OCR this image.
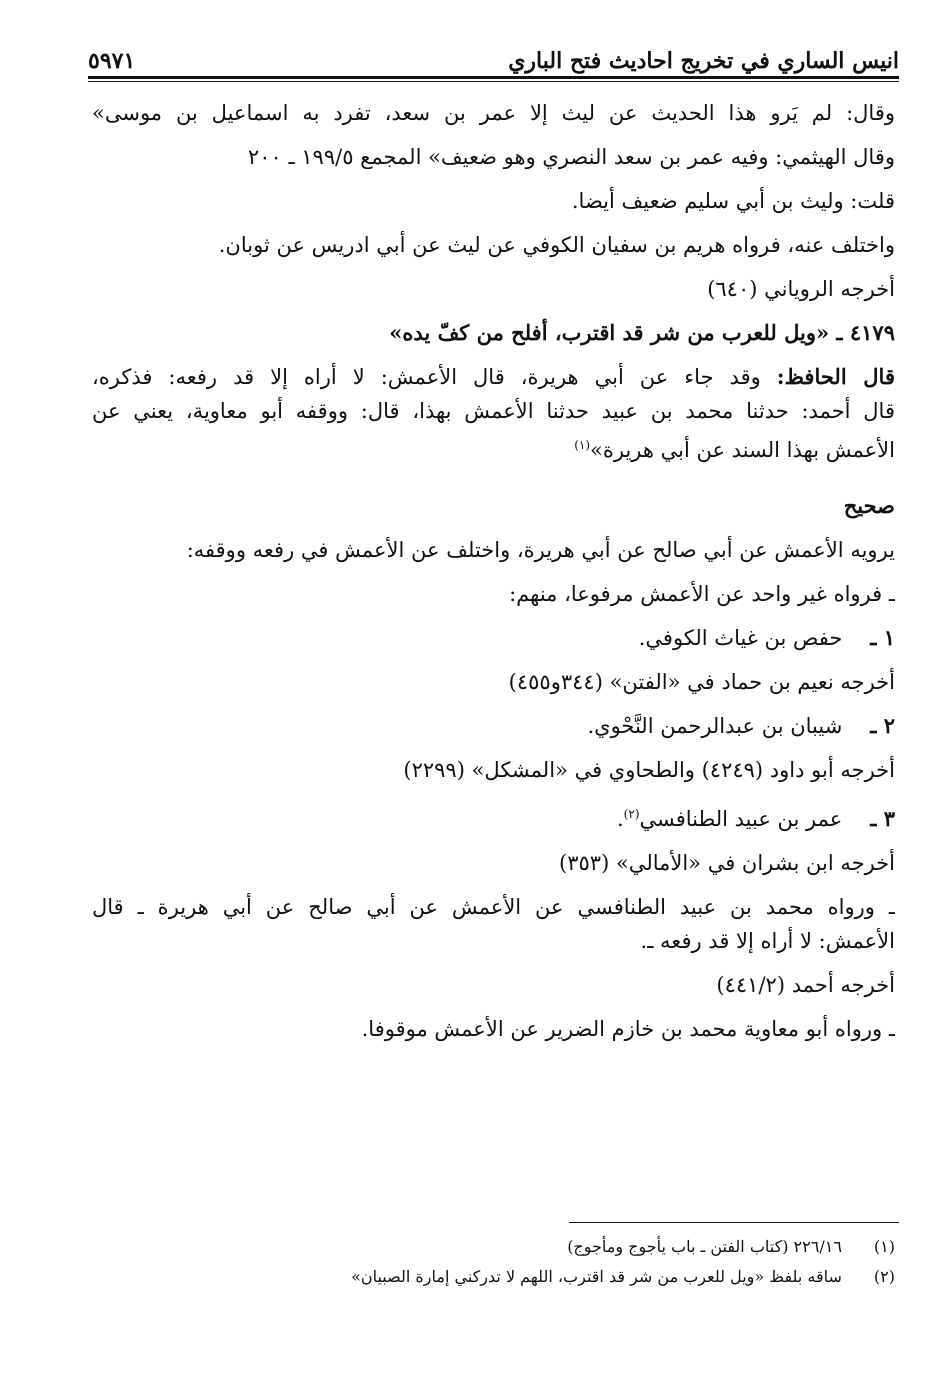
انيس الساري في تخريج احاديث فتح الباري
٥٩٧١
وقال: لم يَرو هذا الحديث عن ليث إلا عمر بن سعد، تفرد به اسماعيل بن موسى»
وقال الهيثمي: وفيه عمر بن سعد النصري وهو ضعيف» المجمع ١٩٩/٥ ـ ٢٠٠
قلت: وليث بن أبي سليم ضعيف أيضا.
واختلف عنه، فرواه هريم بن سفيان الكوفي عن ليث عن أبي ادريس عن ثوبان.
أخرجه الروياني (٦٤٠)
٤١٧٩ ـ «ويل للعرب من شر قد اقترب، أفلح من كفّ يده»
قال الحافظ: وقد جاء عن أبي هريرة، قال الأعمش: لا أراه إلا قد رفعه: فذكره،
قال أحمد: حدثنا محمد بن عبيد حدثنا الأعمش بهذا، قال: ووقفه أبو معاوية، يعني عن
الأعمش بهذا السند عن أبي هريرة»$^{(١)}$
صحيح
يرويه الأعمش عن أبي صالح عن أبي هريرة، واختلف عن الأعمش في رفعه ووقفه:
ـ فرواه غير واحد عن الأعمش مرفوعا، منهم:
١ ـ حفص بن غياث الكوفي.
أخرجه نعيم بن حماد في «الفتن» (٣٤٤و٤٥٥)
٢ ـ شيبان بن عبدالرحمن النَّحْوي.
أخرجه أبو داود (٤٢٤٩) والطحاوي في «المشكل» (٢٢٩٩)
٣ ـ عمر بن عبيد الطنافسي$^{(٢)}$.
أخرجه ابن بشران في «الأمالي» (٣٥٣)
ـ ورواه محمد بن عبيد الطنافسي عن الأعمش عن أبي صالح عن أبي هريرة ـ قال
الأعمش: لا أراه إلا قد رفعه ـ.
أخرجه أحمد (٤٤١/٢)
ـ ورواه أبو معاوية محمد بن خازم الضرير عن الأعمش موقوفا.
(١) ٢٢٦/١٦ (كتاب الفتن ـ باب يأجوج ومأجوج)
(٢) ساقه بلفظ «ويل للعرب من شر قد اقترب، اللهم لا تدركني إمارة الصبيان»
